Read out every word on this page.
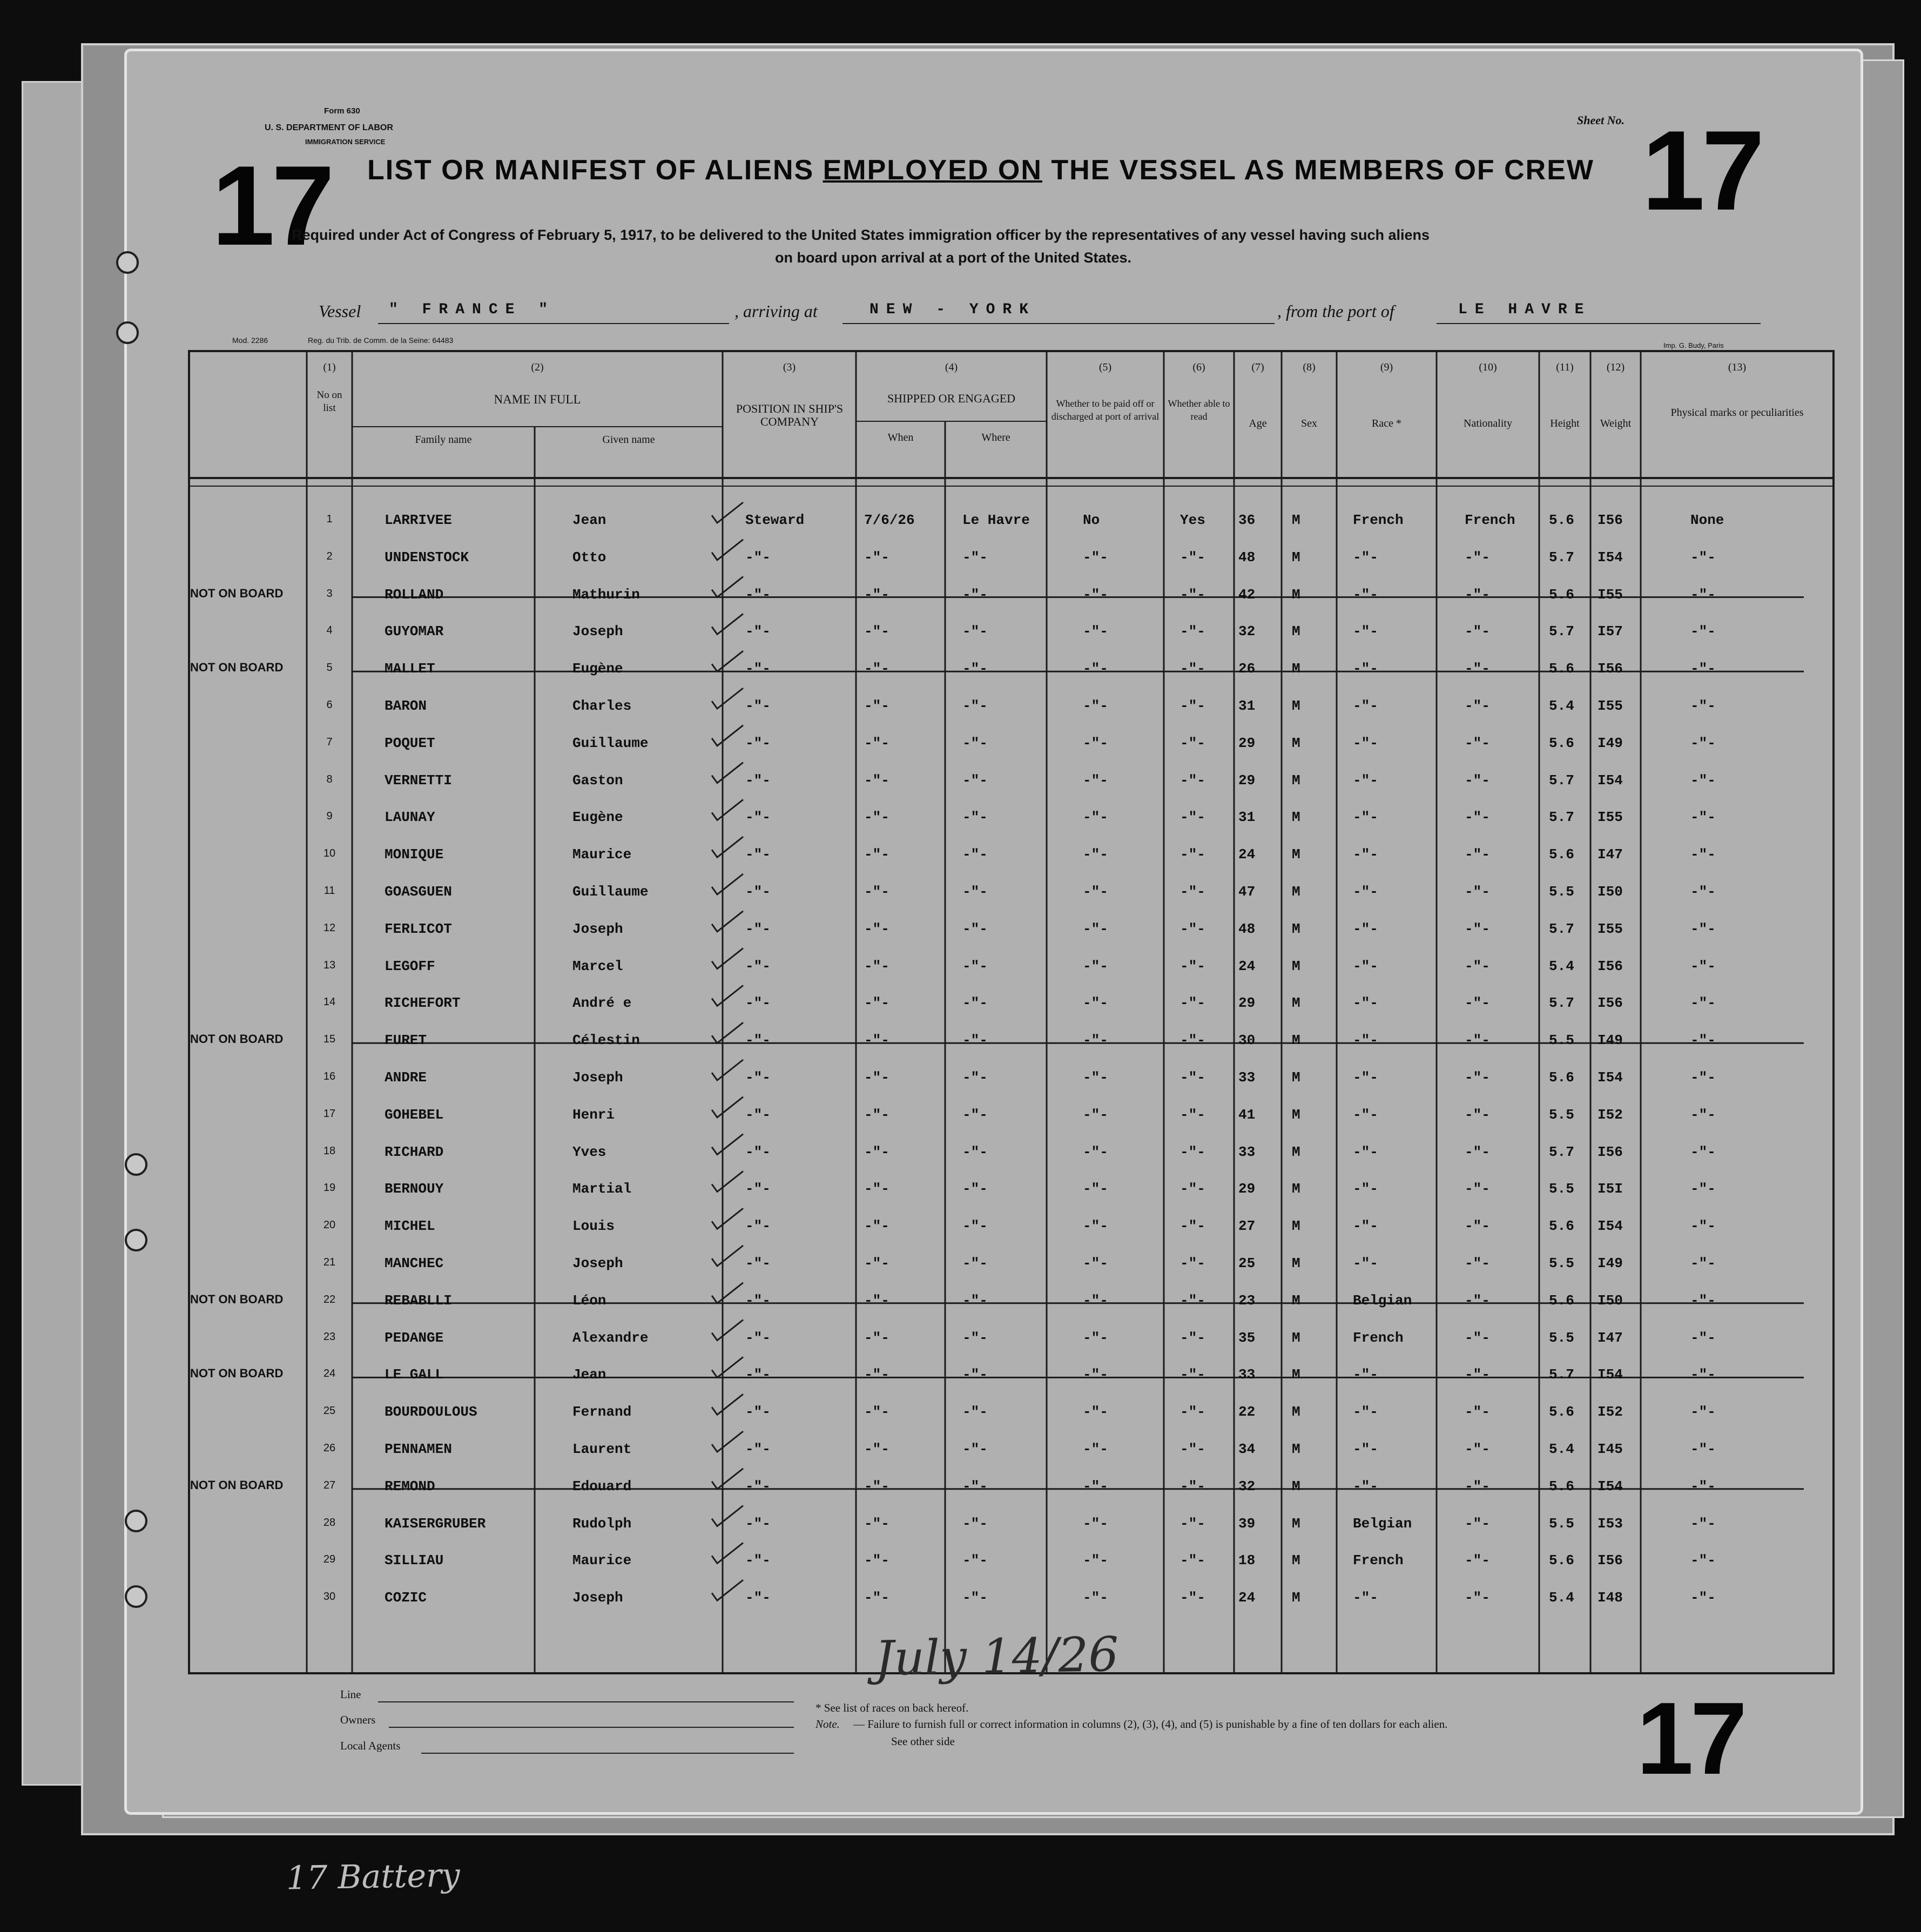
Form 630
U. S. DEPARTMENT OF LABOR
IMMIGRATION SERVICE
17	17
Sheet No.
LIST OR MANIFEST OF ALIENS EMPLOYED ON THE VESSEL AS MEMBERS OF CREW
Required under Act of Congress of February 5, 1917, to be delivered to the United States immigration officer by the representatives of any vessel having such aliens
on board upon arrival at a port of the United States.
Vessel " FRANCE "	, arriving at	NEW - YORK	, from the port of	LE HAVRE
Mod. 2286	Reg. du Trib. de Comm. de la Seine: 64483
Imp. G. Budy, Paris
(1)
No on list
(2)
NAME IN FULL
Family name	Given name
(3)
POSITION IN SHIP'S COMPANY
(4)
SHIPPED OR ENGAGED
When	Where
(5)
Whether to be paid off or discharged at port of arrival
(6)
Whether able to read
(7)
Age
(8)
Sex
(9)
Race *
(10)
Nationality
(11)
Height
(12)
Weight
(13)
Physical marks or peculiarities
1	LARRIVEE	Jean	Steward	7/6/26	Le Havre	No	Yes 36	M	French	French 5.6 I56	None
2	UNDENSTOCK	Otto	-"-	-"-	-"-	-"-	-"- 48	M	-"-	-"-	5.7 I54	-"-
3	ROLLAND	Mathurin	-"-	-"-	-"-	-"-	-"- 42	M	-"-	-"-	5.6 I55	-"-
NOT ON BOARD
4	GUYOMAR	Joseph	-"-	-"-	-"-	-"-	-"- 32	M	-"-	-"-	5.7 I57	-"-
5	MALLET	Eugène	-"-	-"-	-"-	-"-	-"- 26	M	-"-	-"-	5.6 I56	-"-
NOT ON BOARD
6	BARON	Charles	-"-	-"-	-"-	-"-	-"- 31	M	-"-	-"-	5.4 I55	-"-
7	POQUET	Guillaume	-"-	-"-	-"-	-"-	-"- 29	M	-"-	-"-	5.6 I49	-"-
8	VERNETTI	Gaston	-"-	-"-	-"-	-"-	-"- 29	M	-"-	-"-	5.7 I54	-"-
9	LAUNAY	Eugène	-"-	-"-	-"-	-"-	-"- 31	M	-"-	-"-	5.7 I55	-"-
10	MONIQUE	Maurice	-"-	-"-	-"-	-"-	-"- 24	M	-"-	-"-	5.6 I47	-"-
11	GOASGUEN	Guillaume	-"-	-"-	-"-	-"-	-"- 47	M	-"-	-"-	5.5 I50	-"-
12	FERLICOT	Joseph	-"-	-"-	-"-	-"-	-"- 48	M	-"-	-"-	5.7 I55	-"-
13	LEGOFF	Marcel	-"-	-"-	-"-	-"-	-"- 24	M	-"-	-"-	5.4 I56	-"-
14	RICHEFORT	André e	-"-	-"-	-"-	-"-	-"- 29	M	-"-	-"-	5.7 I56	-"-
15	FURET	Célestin	-"-	-"-	-"-	-"-	-"- 30	M	-"-	-"-	5.5 I49	-"-
NOT ON BOARD
16	ANDRE	Joseph	-"-	-"-	-"-	-"-	-"- 33	M	-"-	-"-	5.6 I54	-"-
17	GOHEBEL	Henri	-"-	-"-	-"-	-"-	-"- 41	M	-"-	-"-	5.5 I52	-"-
18	RICHARD	Yves	-"-	-"-	-"-	-"-	-"- 33	M	-"-	-"-	5.7 I56	-"-
19	BERNOUY	Martial	-"-	-"-	-"-	-"-	-"- 29	M	-"-	-"-	5.5 I5I	-"-
20	MICHEL	Louis	-"-	-"-	-"-	-"-	-"- 27	M	-"-	-"-	5.6 I54	-"-
21	MANCHEC	Joseph	-"-	-"-	-"-	-"-	-"- 25	M	-"-	-"-	5.5 I49	-"-
22	REBABLLI	Léon	-"-	-"-	-"-	-"-	-"- 23	M	Belgian	-"-	5.6 I50	-"-
NOT ON BOARD
23	PEDANGE	Alexandre	-"-	-"-	-"-	-"-	-"- 35	M	French	-"-	5.5 I47	-"-
24	LE GALL	Jean	-"-	-"-	-"-	-"-	-"- 33	M	-"-	-"-	5.7 I54	-"-
NOT ON BOARD
25	BOURDOULOUS	Fernand	-"-	-"-	-"-	-"-	-"- 22	M	-"-	-"-	5.6 I52	-"-
26	PENNAMEN	Laurent	-"-	-"-	-"-	-"-	-"- 34	M	-"-	-"-	5.4 I45	-"-
27	REMOND	Edouard	-"-	-"-	-"-	-"-	-"- 32	M	-"-	-"-	5.6 I54	-"-
NOT ON BOARD
28	KAISERGRUBER	Rudolph	-"-	-"-	-"-	-"-	-"- 39	M	Belgian	-"-	5.5 I53	-"-
29	SILLIAU	Maurice	-"-	-"-	-"-	-"-	-"- 18	M	French	-"-	5.6 I56	-"-
30	COZIC	Joseph	-"-	-"-	-"-	-"-	-"- 24	M	-"-	-"-	5.4 I48	-"-
July 14/26
Line
Owners
Local Agents
* See list of races on back hereof.
Note. — Failure to furnish full or correct information in columns (2), (3), (4), and (5) is punishable by a fine of ten dollars for each alien.
See other side	17
17 Battery
